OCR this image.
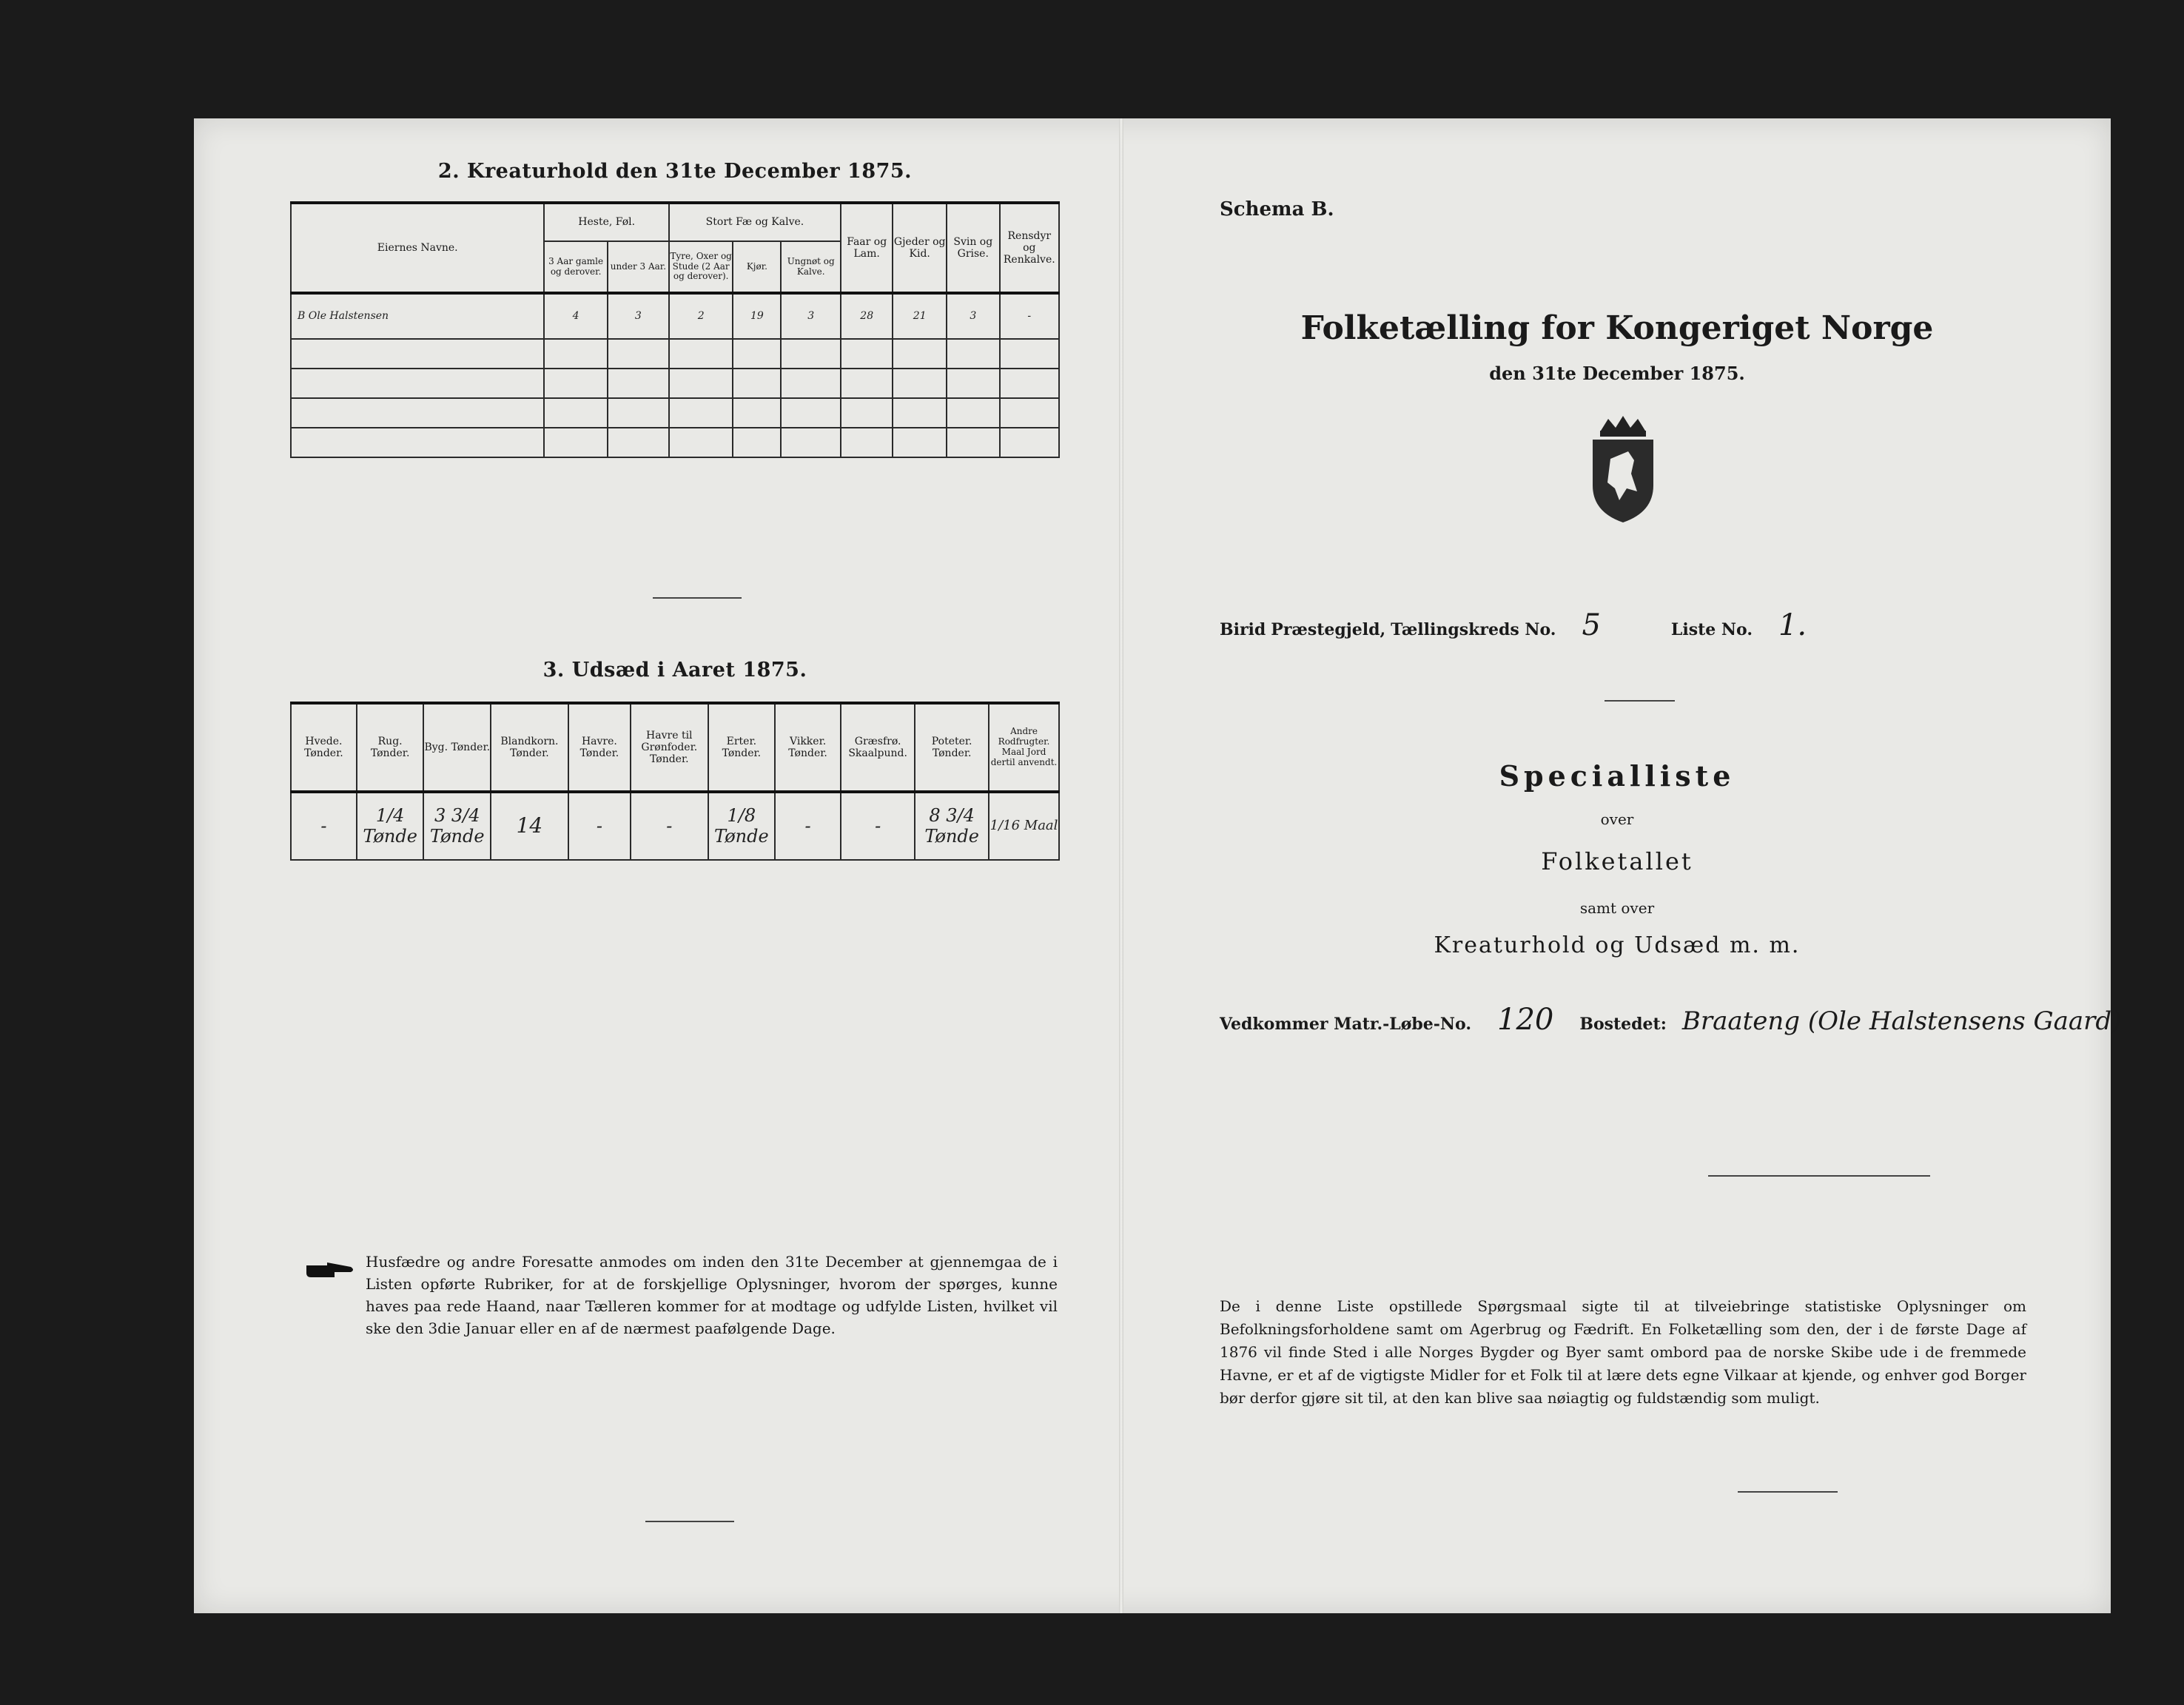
2. Kreaturhold den 31te December 1875.
Eiernes Navne.	Heste, Føl.		Stort Fæ og Kalve.			Faar og Lam.	Gjeder og Kid.	Svin og Grise.	Rensdyr og Renkalve.
	3 Aar gamle og derover.	under 3 Aar.	Tyre, Oxer og Stude (2 Aar og derover).	Kjør.	Ungnøt og Kalve.				
B Ole Halstensen	4	3	2	19	3	28	21	3	-

3. Udsæd i Aaret 1875.
Hvede. Tønder.	Rug. Tønder.	Byg. Tønder.	Blandkorn. Tønder.	Havre. Tønder.	Havre til Grønfoder. Tønder.	Erter. Tønder.	Vikker. Tønder.	Græsfrø. Skaalpund.	Poteter. Tønder.	Andre Rodfrugter. Maal Jord dertil anvendt.
-	1/4 Tønde	3 3/4 Tønde	14	-	-	1/8 Tønde	-	-	8 3/4 Tønde	1/16 Maal
Husfædre og andre Foresatte anmodes om inden den 31te December at gjennemgaa de i Listen opførte Rubriker, for at de forskjellige Oplysninger, hvorom der spørges, kunne haves paa rede Haand, naar Tælleren kommer for at modtage og udfylde Listen, hvilket vil ske den 3die Januar eller en af de nærmest paafølgende Dage.
Schema B.
Folketælling for Kongeriget Norge
den 31te December 1875.
Birid Præstegjeld, Tællingskreds No. 5	Liste No. 1.
Specialliste
over
Folketallet
samt over
Kreaturhold og Udsæd m. m.
Vedkommer Matr.-Løbe-No. 120 Bostedet: Braateng (Ole Halstensens Gaard)
De i denne Liste opstillede Spørgsmaal sigte til at tilveiebringe statistiske Oplysninger om Befolkningsforholdene samt om Agerbrug og Fædrift. En Folketælling som den, der i de første Dage af 1876 vil finde Sted i alle Norges Bygder og Byer samt ombord paa de norske Skibe ude i de fremmede Havne, er et af de vigtigste Midler for et Folk til at lære dets egne Vilkaar at kjende, og enhver god Borger bør derfor gjøre sit til, at den kan blive saa nøiagtig og fuldstændig som muligt.
